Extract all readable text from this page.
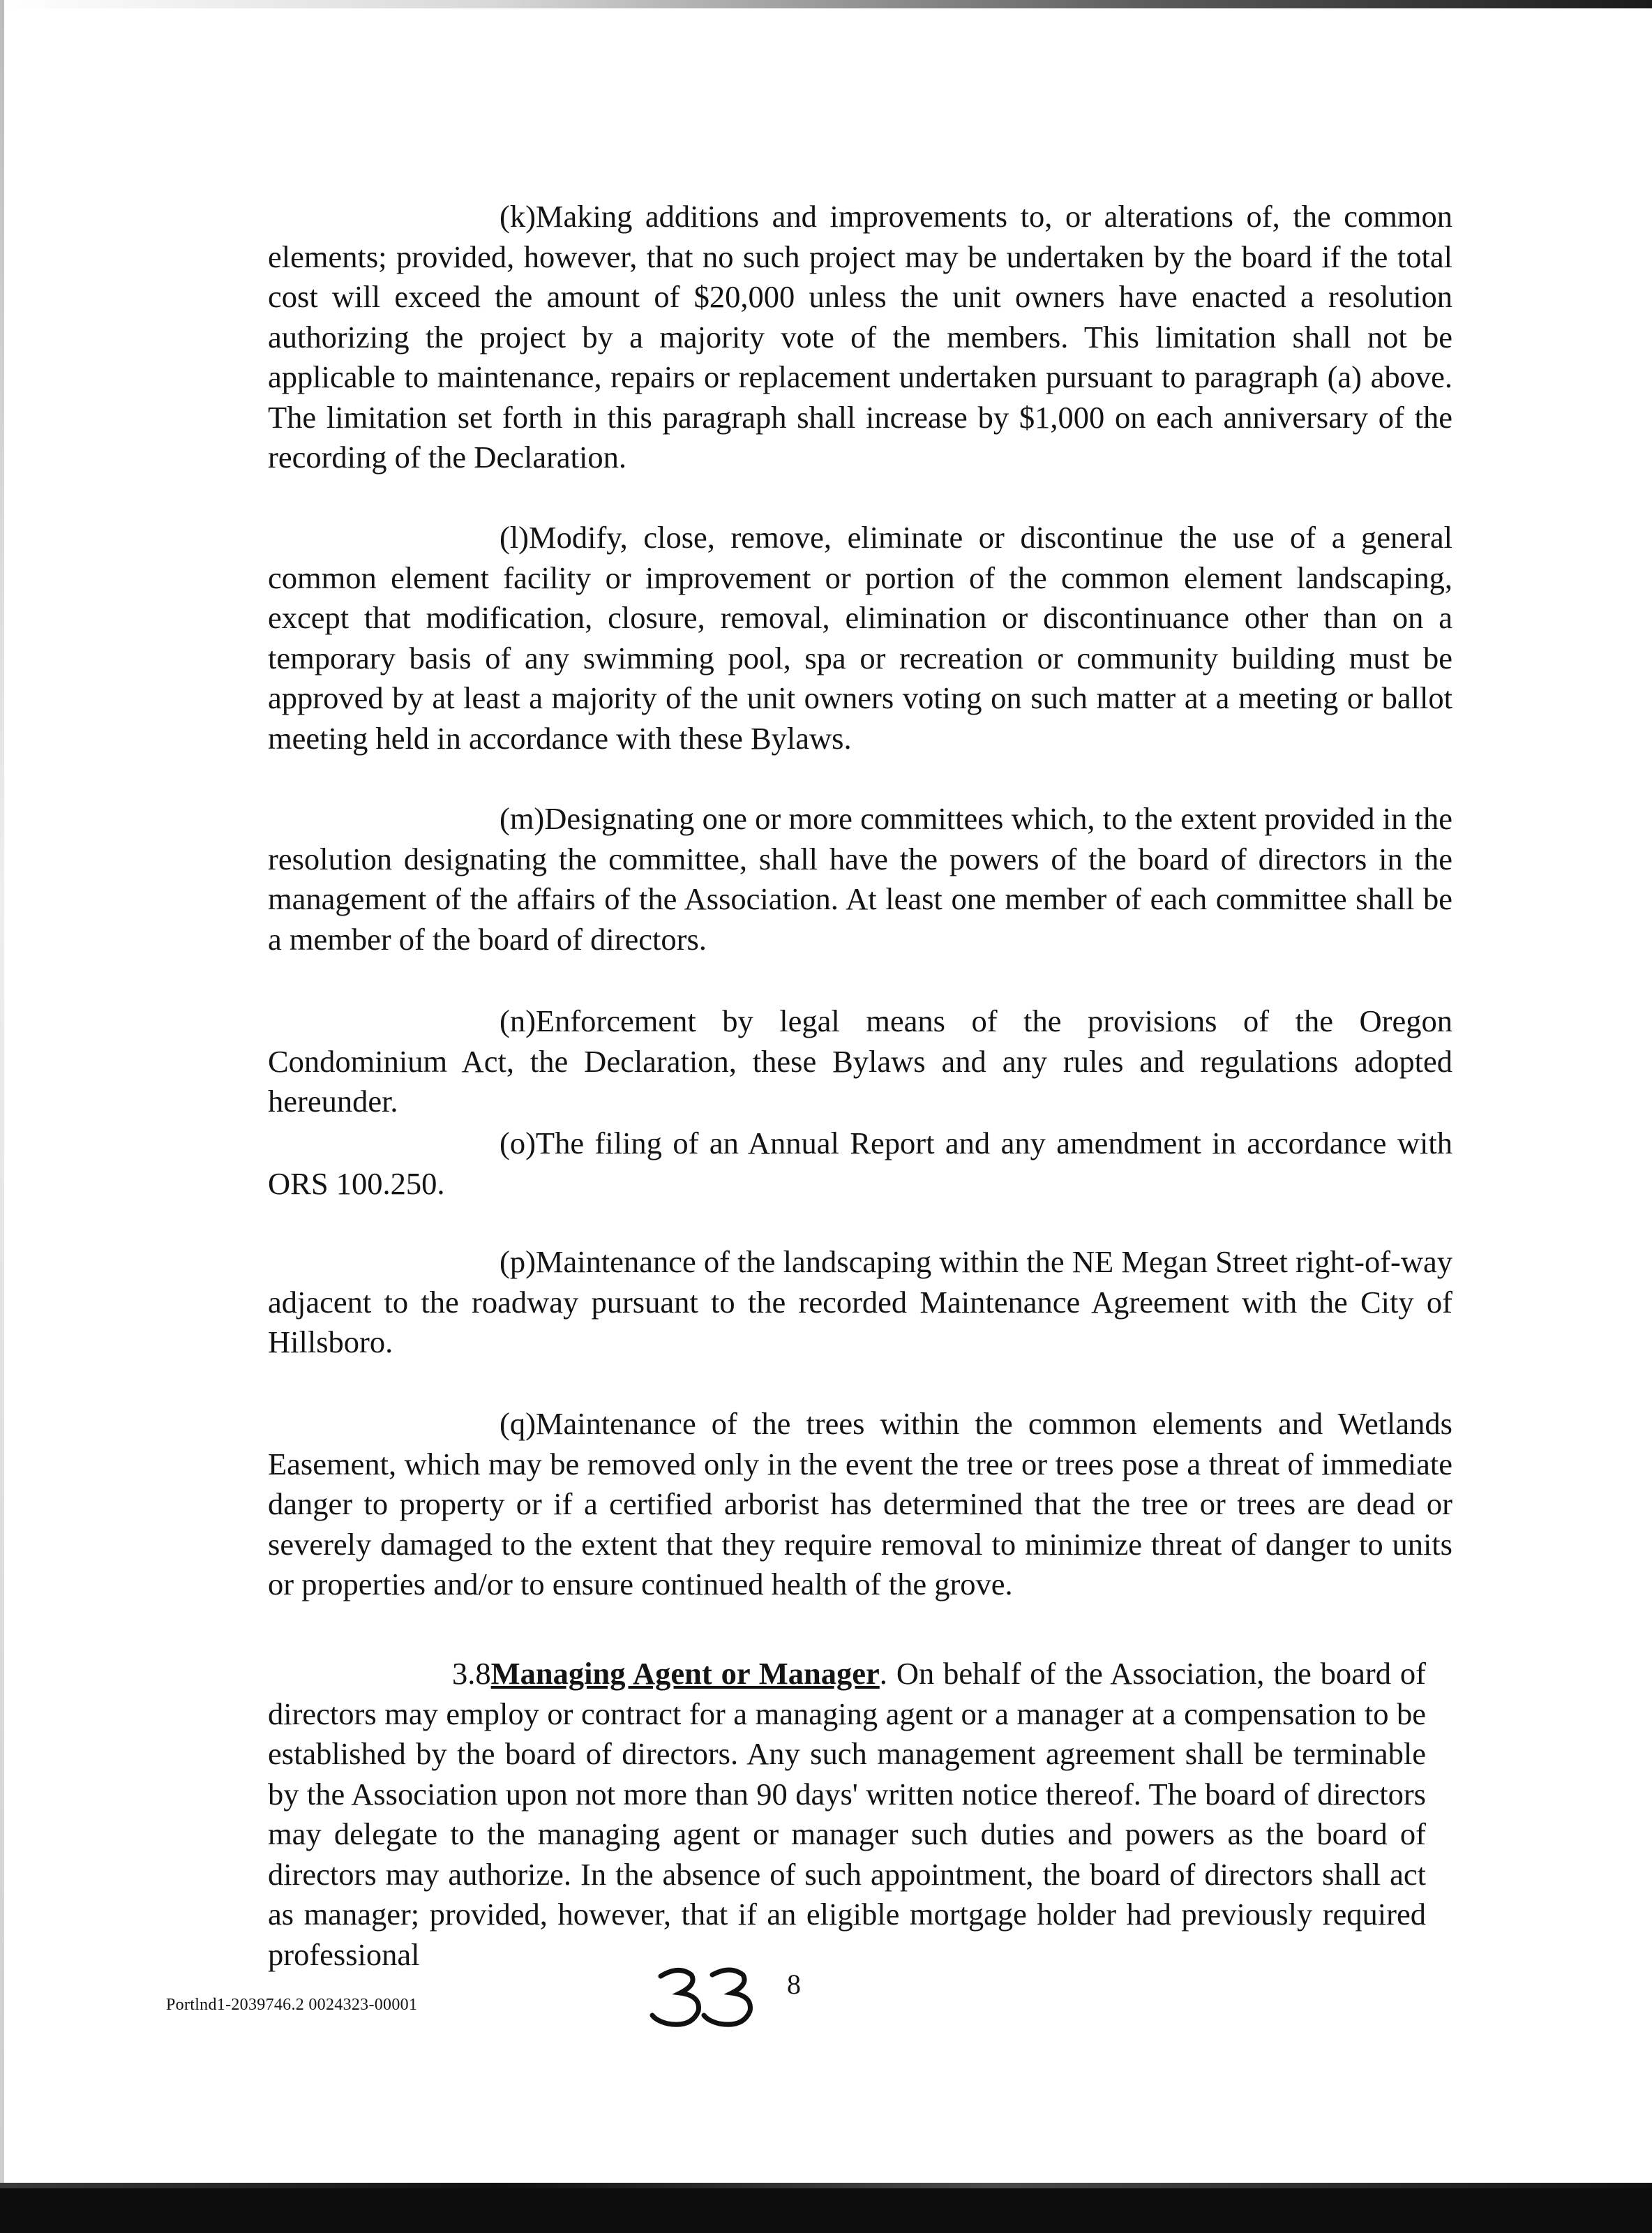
(k)Making additions and improvements to, or alterations of, the common elements; provided, however, that no such project may be undertaken by the board if the total cost will exceed the amount of $20,000 unless the unit owners have enacted a resolution authorizing the project by a majority vote of the members. This limitation shall not be applicable to maintenance, repairs or replacement undertaken pursuant to paragraph (a) above. The limitation set forth in this paragraph shall increase by $1,000 on each anniversary of the recording of the Declaration.

(l)Modify, close, remove, eliminate or discontinue the use of a general common element facility or improvement or portion of the common element landscaping, except that modification, closure, removal, elimination or discontinuance other than on a temporary basis of any swimming pool, spa or recreation or community building must be approved by at least a majority of the unit owners voting on such matter at a meeting or ballot meeting held in accordance with these Bylaws.

(m)Designating one or more committees which, to the extent provided in the resolution designating the committee, shall have the powers of the board of directors in the management of the affairs of the Association. At least one member of each committee shall be a member of the board of directors.

(n)Enforcement by legal means of the provisions of the Oregon Condominium Act, the Declaration, these Bylaws and any rules and regulations adopted hereunder.

(o)The filing of an Annual Report and any amendment in accordance with ORS 100.250.

(p)Maintenance of the landscaping within the NE Megan Street right-of-way adjacent to the roadway pursuant to the recorded Maintenance Agreement with the City of Hillsboro.

(q)Maintenance of the trees within the common elements and Wetlands Easement, which may be removed only in the event the tree or trees pose a threat of immediate danger to property or if a certified arborist has determined that the tree or trees are dead or severely damaged to the extent that they require removal to minimize threat of danger to units or properties and/or to ensure continued health of the grove.

3.8Managing Agent or Manager. On behalf of the Association, the board of directors may employ or contract for a managing agent or a manager at a compensation to be established by the board of directors. Any such management agreement shall be terminable by the Association upon not more than 90 days' written notice thereof. The board of directors may delegate to the managing agent or manager such duties and powers as the board of directors may authorize. In the absence of such appointment, the board of directors shall act as manager; provided, however, that if an eligible mortgage holder had previously required professional

Portlnd1-2039746.2 0024323-00001
8
